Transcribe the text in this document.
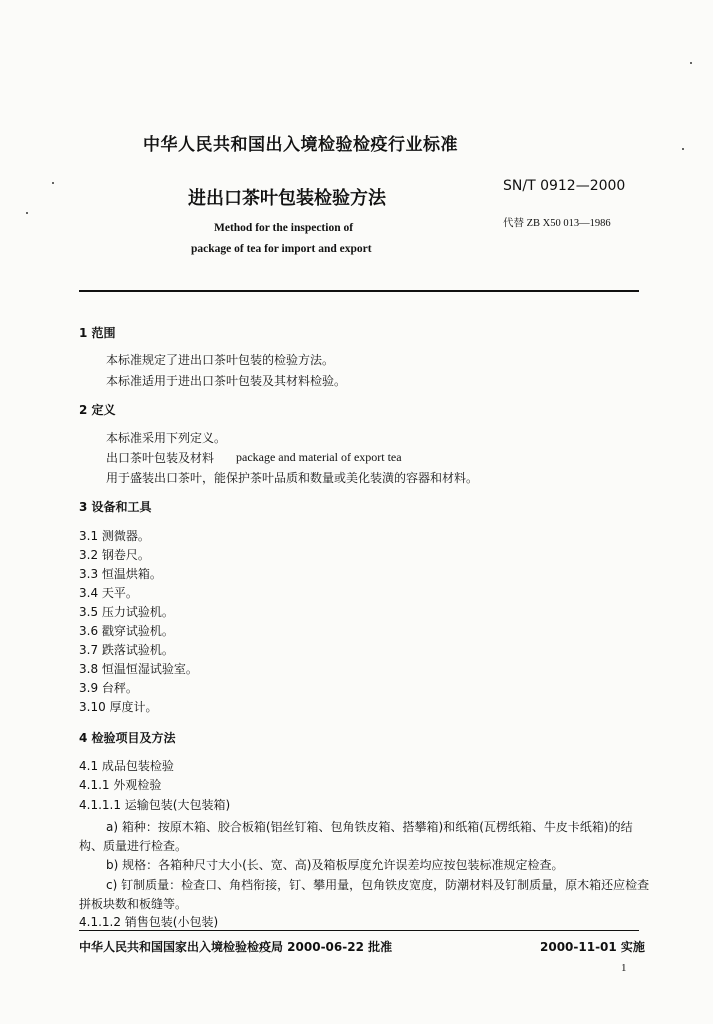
中华人民共和国出入境检验检疫行业标准
进出口茶叶包装检验方法
SN/T 0912—2000
代替 ZB X50 013—1986
Method for the inspection of
package of tea for import and export
1 范围
本标准规定了进出口茶叶包装的检验方法。
本标准适用于进出口茶叶包装及其材料检验。
2 定义
本标准采用下列定义。
出口茶叶包装及材料 package and material of export tea
用于盛装出口茶叶，能保护茶叶品质和数量或美化装潢的容器和材料。
3 设备和工具
3.1 测微器。
3.2 钢卷尺。
3.3 恒温烘箱。
3.4 天平。
3.5 压力试验机。
3.6 戳穿试验机。
3.7 跌落试验机。
3.8 恒温恒湿试验室。
3.9 台秤。
3.10 厚度计。
4 检验项目及方法
4.1 成品包装检验
4.1.1 外观检验
4.1.1.1 运输包装(大包装箱)
a) 箱种：按原木箱、胶合板箱(铝丝钉箱、包角铁皮箱、搭攀箱)和纸箱(瓦楞纸箱、牛皮卡纸箱)的结
构、质量进行检查。
b) 规格：各箱种尺寸大小(长、宽、高)及箱板厚度允许误差均应按包装标准规定检查。
c) 钉制质量：检查口、角档衔接，钉、攀用量，包角铁皮宽度，防潮材料及钉制质量，原木箱还应检查
拼板块数和板缝等。
4.1.1.2 销售包装(小包装)
中华人民共和国国家出入境检验检疫局 2000-06-22 批准	2000-11-01 实施
1
